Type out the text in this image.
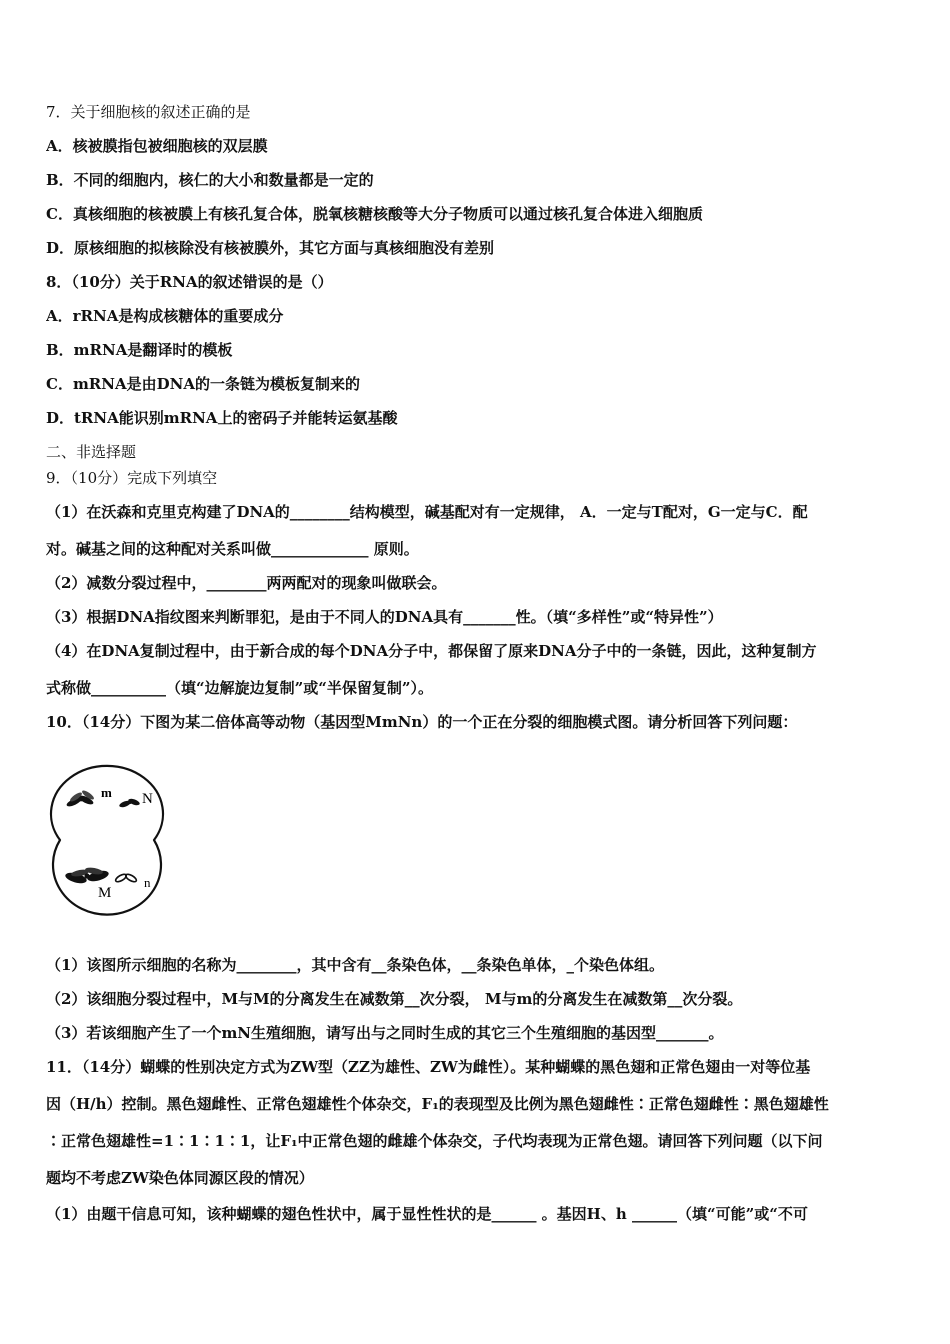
7．关于细胞核的叙述正确的是
A．核被膜指包被细胞核的双层膜
B．不同的细胞内，核仁的大小和数量都是一定的
C．真核细胞的核被膜上有核孔复合体，脱氧核糖核酸等大分子物质可以通过核孔复合体进入细胞质
D．原核细胞的拟核除没有核被膜外，其它方面与真核细胞没有差别
8．（10分）关于RNA的叙述错误的是（）
A．rRNA是构成核糖体的重要成分
B．mRNA是翻译时的模板
C．mRNA是由DNA的一条链为模板复制来的
D．tRNA能识别mRNA上的密码子并能转运氨基酸
二、非选择题
9．（10分）完成下列填空
（1）在沃森和克里克构建了DNA的________结构模型，碱基配对有一定规律， A．一定与T配对，G一定与C．配
对。碱基之间的这种配对关系叫做_____________ 原则。
（2）减数分裂过程中，________两两配对的现象叫做联会。
（3）根据DNA指纹图来判断罪犯，是由于不同人的DNA具有_______性。（填“多样性”或“特异性”）
（4）在DNA复制过程中，由于新合成的每个DNA分子中，都保留了原来DNA分子中的一条链，因此，这种复制方
式称做__________（填“边解旋边复制”或“半保留复制”）。
10．（14分）下图为某二倍体高等动物（基因型MmNn）的一个正在分裂的细胞模式图。请分析回答下列问题：
m N
M
n
（1）该图所示细胞的名称为________，其中含有__条染色体，__条染色单体，_个染色体组。
（2）该细胞分裂过程中，M与M的分离发生在减数第__次分裂， M与m的分离发生在减数第__次分裂。
（3）若该细胞产生了一个mN生殖细胞，请写出与之同时生成的其它三个生殖细胞的基因型_______。
11．（14分）蝴蝶的性别决定方式为ZW型（ZZ为雄性、ZW为雌性）。某种蝴蝶的黑色翅和正常色翅由一对等位基
因（H/h）控制。黑色翅雌性、正常色翅雄性个体杂交，F₁的表现型及比例为黑色翅雌性∶正常色翅雌性∶黑色翅雄性
∶正常色翅雄性=1∶1∶1∶1，让F₁中正常色翅的雌雄个体杂交，子代均表现为正常色翅。请回答下列问题（以下问
题均不考虑ZW染色体同源区段的情况）
（1）由题干信息可知，该种蝴蝶的翅色性状中，属于显性性状的是______ 。基因H、h ______（填“可能”或“不可
